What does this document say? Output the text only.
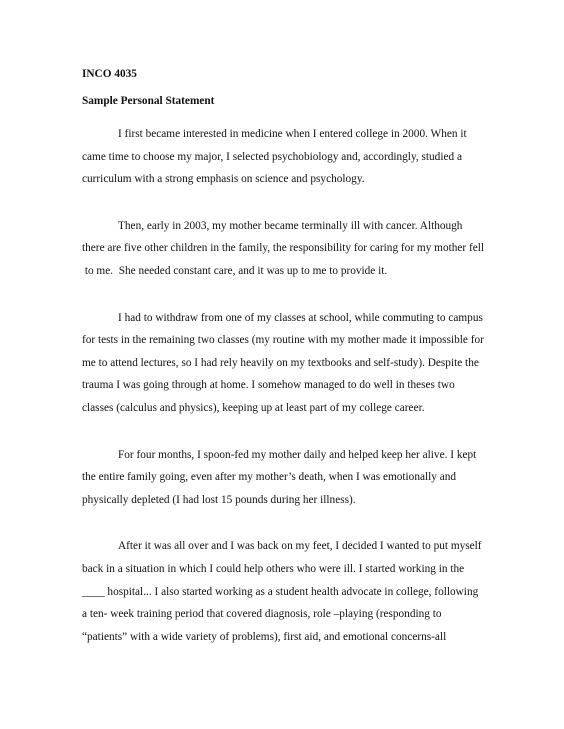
INCO 4035

Sample Personal Statement

I first became interested in medicine when I entered college in 2000. When it
came time to choose my major, I selected psychobiology and, accordingly, studied a
curriculum with a strong emphasis on science and psychology.
Then, early in 2003, my mother became terminally ill with cancer. Although
there are five other children in the family, the responsibility for caring for my mother fell
to me.  She needed constant care, and it was up to me to provide it.
I had to withdraw from one of my classes at school, while commuting to campus
for tests in the remaining two classes (my routine with my mother made it impossible for
me to attend lectures, so I had rely heavily on my textbooks and self-study). Despite the
trauma I was going through at home. I somehow managed to do well in theses two
classes (calculus and physics), keeping up at least part of my college career.
For four months, I spoon-fed my mother daily and helped keep her alive. I kept
the entire family going, even after my mother’s death, when I was emotionally and
physically depleted (I had lost 15 pounds during her illness).
After it was all over and I was back on my feet, I decided I wanted to put myself
back in a situation in which I could help others who were ill. I started working in the
____ hospital... I also started working as a student health advocate in college, following
a ten- week training period that covered diagnosis, role –playing (responding to
“patients” with a wide variety of problems), first aid, and emotional concerns-all
